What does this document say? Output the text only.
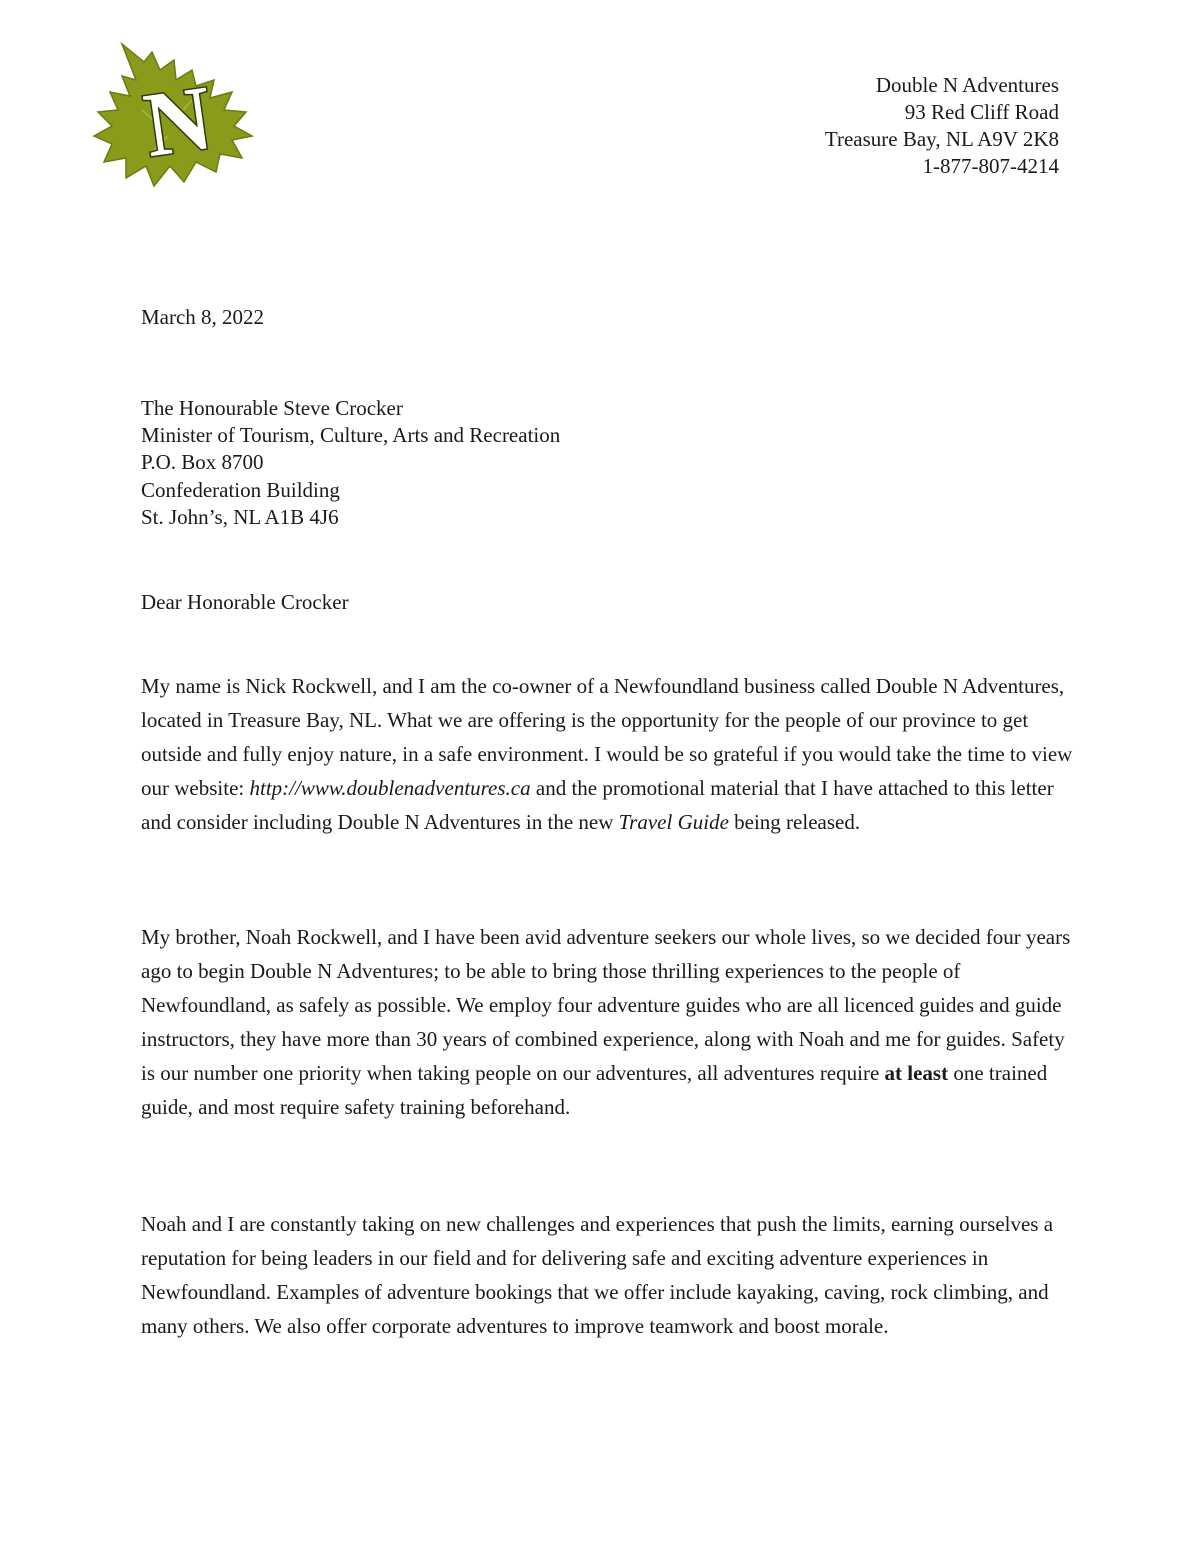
N	Double N Adventures
93 Red Cliff Road
Treasure Bay, NL A9V 2K8
1-877-807-4214
March 8, 2022
The Honourable Steve Crocker
Minister of Tourism, Culture, Arts and Recreation
P.O. Box 8700
Confederation Building
St. John’s, NL A1B 4J6
Dear Honorable Crocker

My name is Nick Rockwell, and I am the co-owner of a Newfoundland business called Double N Adventures, located in Treasure Bay, NL. What we are offering is the opportunity for the people of our province to get outside and fully enjoy nature, in a safe environment. I would be so grateful if you would take the time to view our website: http://www.doublenadventures.ca and the promotional material that I have attached to this letter and consider including Double N Adventures in the new Travel Guide being released.

My brother, Noah Rockwell, and I have been avid adventure seekers our whole lives, so we decided four years ago to begin Double N Adventures; to be able to bring those thrilling experiences to the people of Newfoundland, as safely as possible. We employ four adventure guides who are all licenced guides and guide instructors, they have more than 30 years of combined experience, along with Noah and me for guides. Safety is our number one priority when taking people on our adventures, all adventures require at least one trained guide, and most require safety training beforehand.

Noah and I are constantly taking on new challenges and experiences that push the limits, earning ourselves a reputation for being leaders in our field and for delivering safe and exciting adventure experiences in Newfoundland. Examples of adventure bookings that we offer include kayaking, caving, rock climbing, and many others. We also offer corporate adventures to improve teamwork and boost morale.
